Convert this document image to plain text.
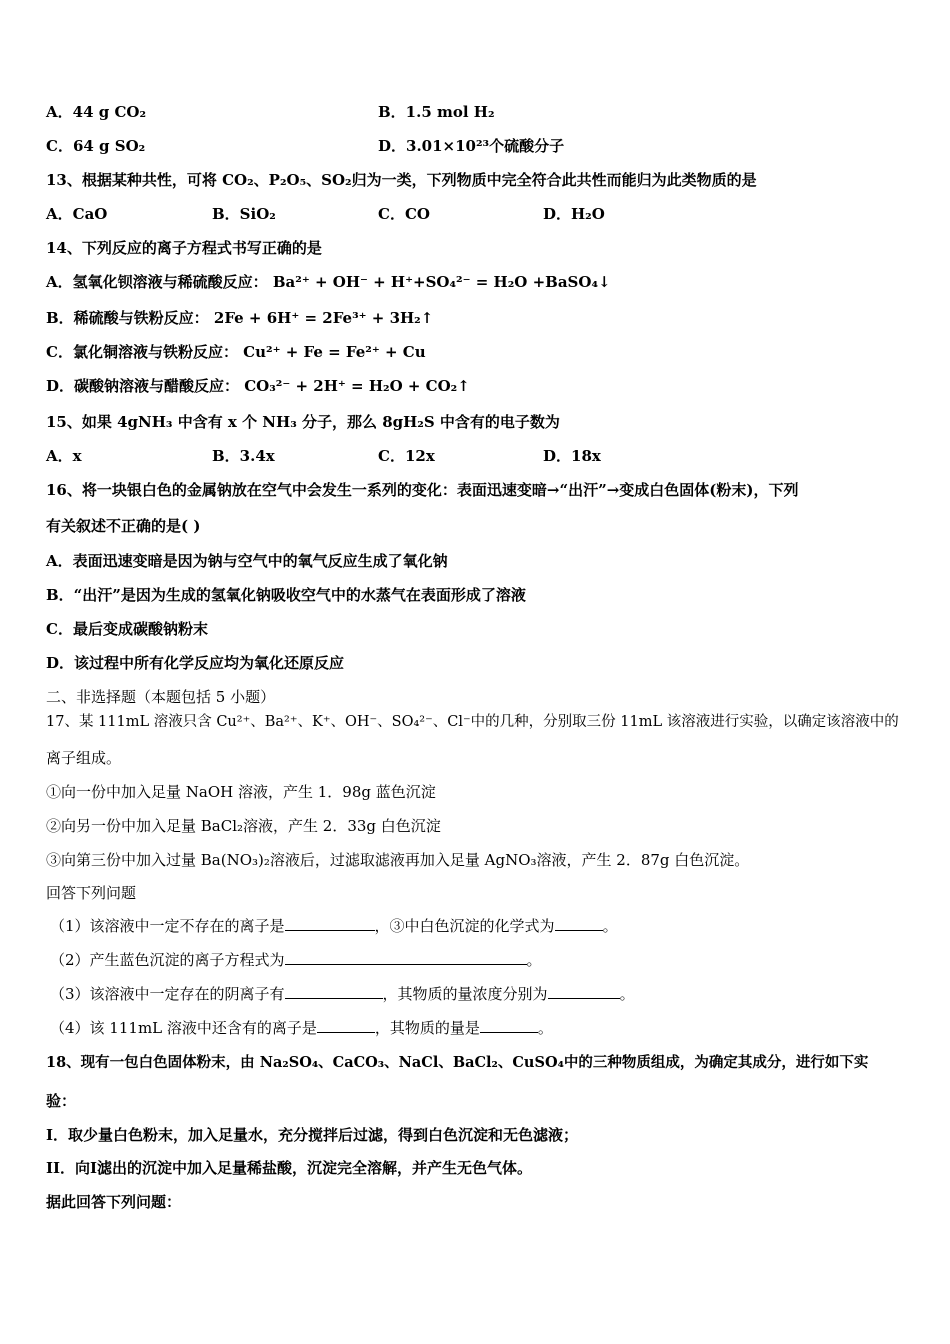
A．44 g CO₂	B．1.5 mol H₂
C．64 g SO₂	D．3.01×10²³个硫酸分子
13、根据某种共性，可将 CO₂、P₂O₅、SO₂归为一类，下列物质中完全符合此共性而能归为此类物质的是
A．CaO	B．SiO₂	C．CO	D．H₂O
14、下列反应的离子方程式书写正确的是
A．氢氧化钡溶液与稀硫酸反应： Ba²⁺ + OH⁻ + H⁺+SO₄²⁻ = H₂O +BaSO₄↓
B．稀硫酸与铁粉反应： 2Fe + 6H⁺ = 2Fe³⁺ + 3H₂↑
C．氯化铜溶液与铁粉反应： Cu²⁺ + Fe = Fe²⁺ + Cu
D．碳酸钠溶液与醋酸反应： CO₃²⁻ + 2H⁺ = H₂O + CO₂↑
15、如果 4gNH₃ 中含有 x 个 NH₃ 分子，那么 8gH₂S 中含有的电子数为
A．x	B．3.4x	C．12x	D．18x
16、将一块银白色的金属钠放在空气中会发生一系列的变化：表面迅速变暗→“出汗”→变成白色固体(粉末)，下列
有关叙述不正确的是( )
A．表面迅速变暗是因为钠与空气中的氧气反应生成了氧化钠
B．“出汗”是因为生成的氢氧化钠吸收空气中的水蒸气在表面形成了溶液
C．最后变成碳酸钠粉末
D．该过程中所有化学反应均为氧化还原反应
二、非选择题（本题包括 5 小题）
17、某 111mL 溶液只含 Cu²⁺、Ba²⁺、K⁺、OH⁻、SO₄²⁻、Cl⁻中的几种，分别取三份 11mL 该溶液进行实验，以确定该溶液中的
离子组成。
①向一份中加入足量 NaOH 溶液，产生 1．98g 蓝色沉淀
②向另一份中加入足量 BaCl₂溶液，产生 2．33g 白色沉淀
③向第三份中加入过量 Ba(NO₃)₂溶液后，过滤取滤液再加入足量 AgNO₃溶液，产生 2．87g 白色沉淀。
回答下列问题
（1）该溶液中一定不存在的离子是	，③中白色沉淀的化学式为	。
（2）产生蓝色沉淀的离子方程式为	。
（3）该溶液中一定存在的阴离子有	，其物质的量浓度分别为	。
（4）该 111mL 溶液中还含有的离子是	，其物质的量是	。
18、现有一包白色固体粉末，由 Na₂SO₄、CaCO₃、NaCl、BaCl₂、CuSO₄中的三种物质组成，为确定其成分，进行如下实
验：
I．取少量白色粉末，加入足量水，充分搅拌后过滤，得到白色沉淀和无色滤液；
II．向Ⅰ滤出的沉淀中加入足量稀盐酸，沉淀完全溶解，并产生无色气体。
据此回答下列问题：
